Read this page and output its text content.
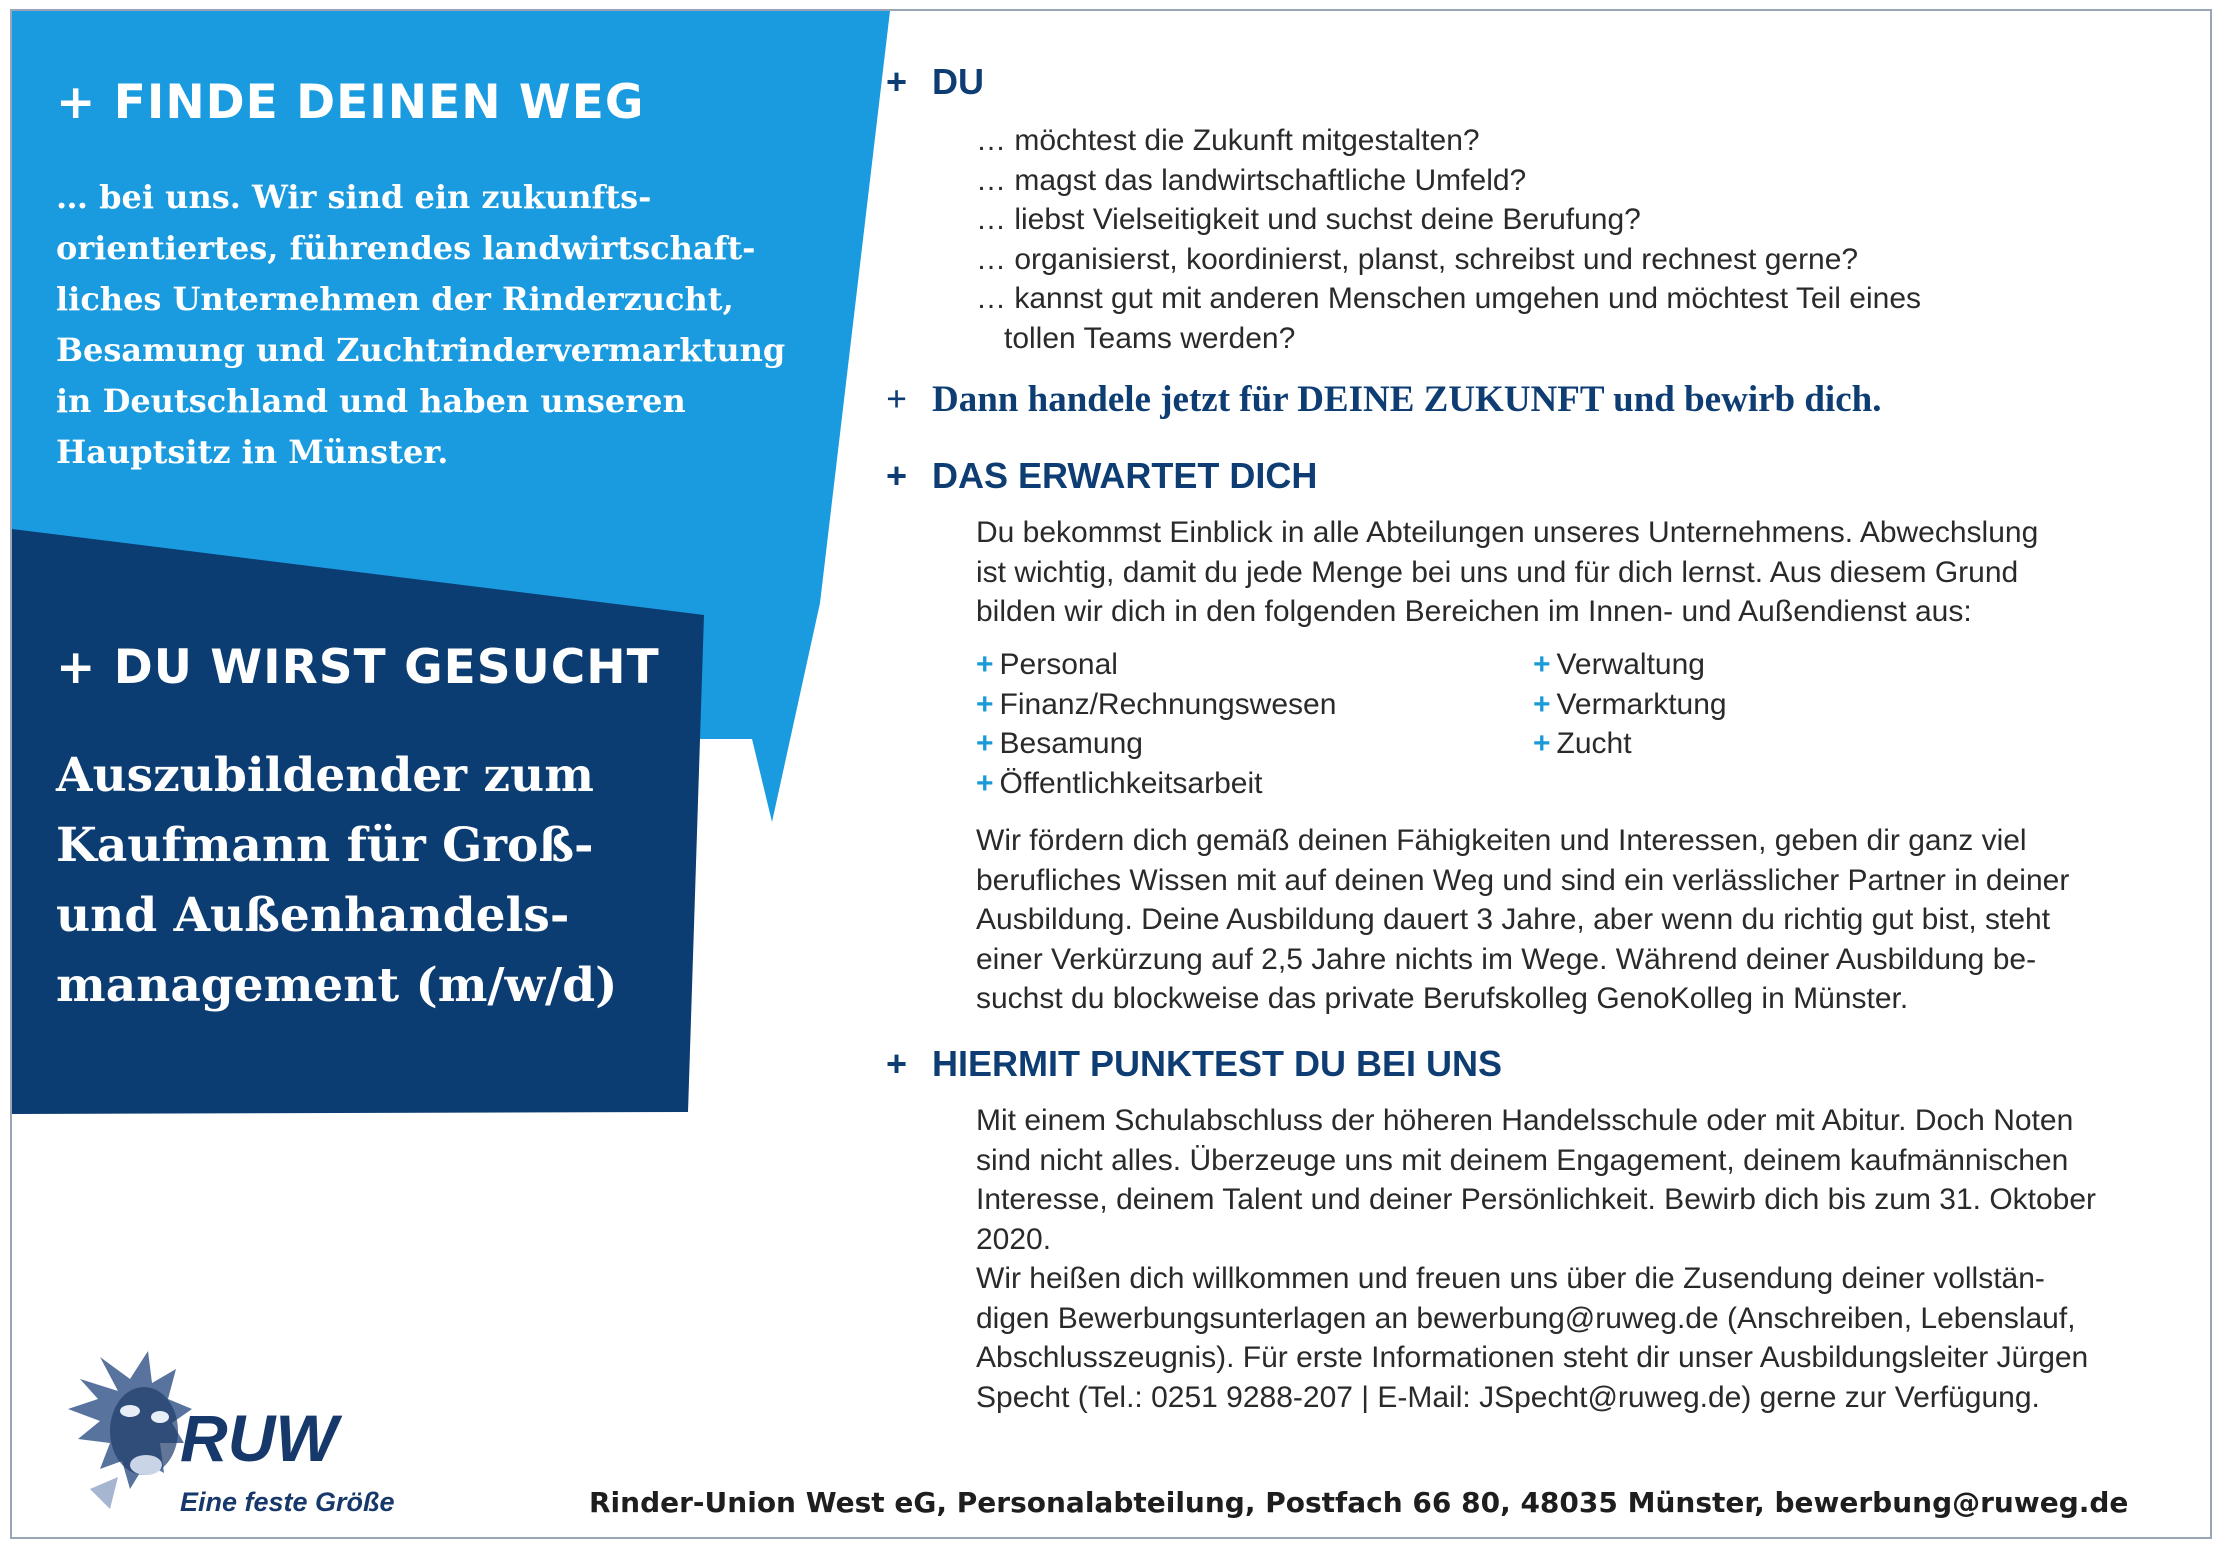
+ FINDE DEINEN WEG

… bei uns. Wir sind ein zukunfts-
orientiertes, führendes landwirtschaft-
liches Unternehmen der Rinderzucht,
Besamung und Zuchtrindervermarktung
in Deutschland und haben unseren
Hauptsitz in Münster.

+ DU WIRST GESUCHT

Auszubildender zum
Kaufmann für Groß-
und Außenhandels-
management (m/w/d)

+ DU
… möchtest die Zukunft mitgestalten?
… magst das landwirtschaftliche Umfeld?
… liebst Vielseitigkeit und suchst deine Berufung?
… organisierst, koordinierst, planst, schreibst und rechnest gerne?
… kannst gut mit anderen Menschen umgehen und möchtest Teil eines
tollen Teams werden?
+ Dann handele jetzt für DEINE ZUKUNFT und bewirb dich.
+ DAS ERWARTET DICH
Du bekommst Einblick in alle Abteilungen unseres Unternehmens. Abwechslung
ist wichtig, damit du jede Menge bei uns und für dich lernst. Aus diesem Grund
bilden wir dich in den folgenden Bereichen im Innen- und Außendienst aus:
+ Personal
+ Finanz/Rechnungswesen
+ Besamung
+ Öffentlichkeitsarbeit
+ Verwaltung
+ Vermarktung
+ Zucht
Wir fördern dich gemäß deinen Fähigkeiten und Interessen, geben dir ganz viel
berufliches Wissen mit auf deinen Weg und sind ein verlässlicher Partner in deiner
Ausbildung. Deine Ausbildung dauert 3 Jahre, aber wenn du richtig gut bist, steht
einer Verkürzung auf 2,5 Jahre nichts im Wege. Während deiner Ausbildung be-
suchst du blockweise das private Berufskolleg GenoKolleg in Münster.
+ HIERMIT PUNKTEST DU BEI UNS
Mit einem Schulabschluss der höheren Handelsschule oder mit Abitur. Doch Noten
sind nicht alles. Überzeuge uns mit deinem Engagement, deinem kaufmännischen
Interesse, deinem Talent und deiner Persönlichkeit. Bewirb dich bis zum 31. Oktober
2020.
Wir heißen dich willkommen und freuen uns über die Zusendung deiner vollstän-
digen Bewerbungsunterlagen an bewerbung@ruweg.de (Anschreiben, Lebenslauf,
Abschlusszeugnis). Für erste Informationen steht dir unser Ausbildungsleiter Jürgen
Specht (Tel.: 0251 9288-207 | E-Mail: JSpecht@ruweg.de) gerne zur Verfügung.
RUW
Eine feste Größe	Rinder-Union West eG, Personalabteilung, Postfach 66 80, 48035 Münster, bewerbung@ruweg.de
